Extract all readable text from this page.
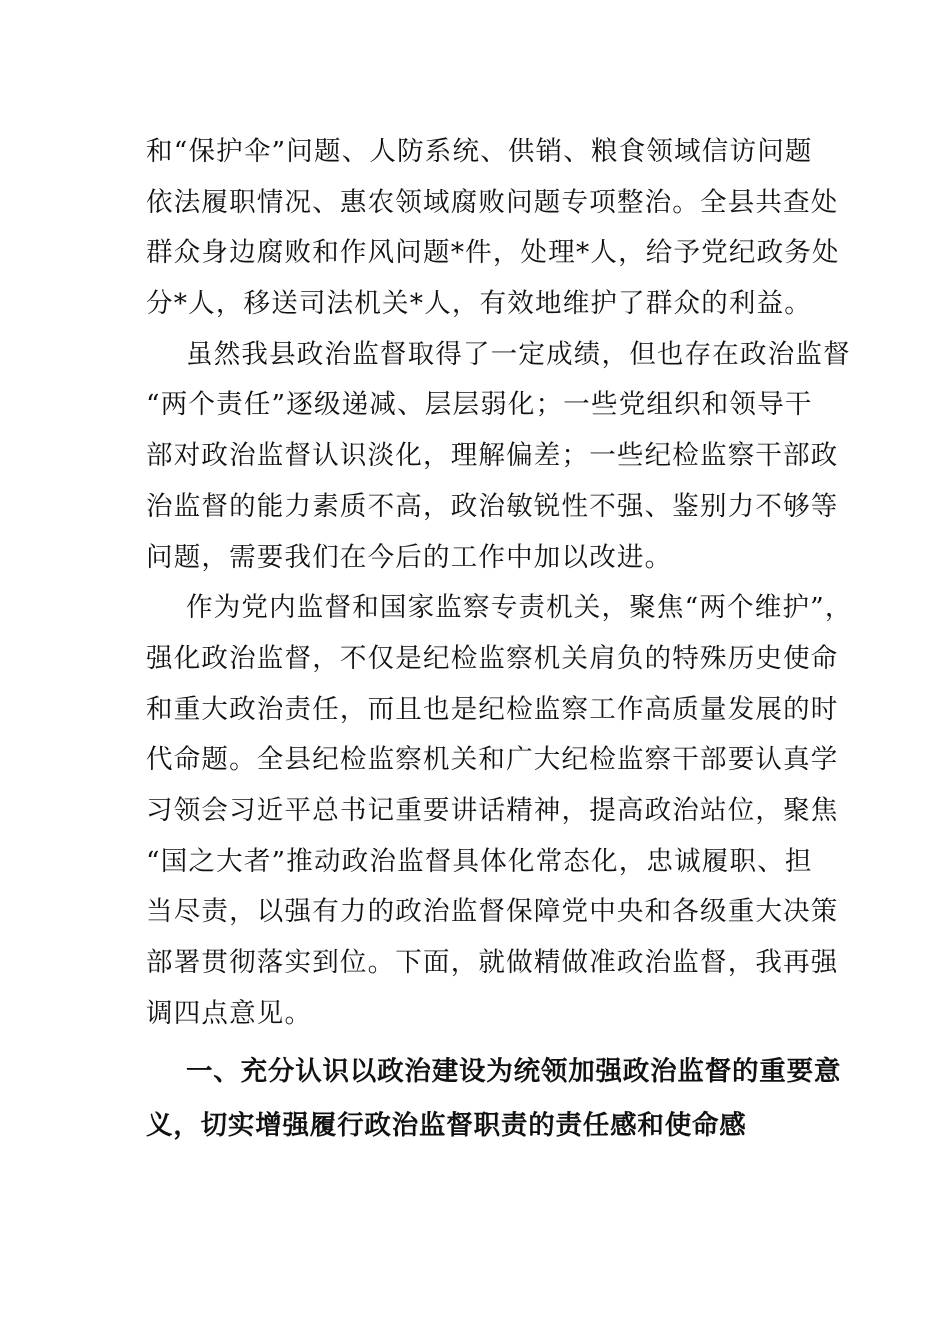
和“保护伞”问题、人防系统、供销、粮食领域信访问题
依法履职情况、惠农领域腐败问题专项整治。全县共查处
群众身边腐败和作风问题*件，处理*人，给予党纪政务处
分*人，移送司法机关*人，有效地维护了群众的利益。
虽然我县政治监督取得了一定成绩，但也存在政治监督
“两个责任”逐级递减、层层弱化；一些党组织和领导干
部对政治监督认识淡化，理解偏差；一些纪检监察干部政
治监督的能力素质不高，政治敏锐性不强、鉴别力不够等
问题，需要我们在今后的工作中加以改进。
作为党内监督和国家监察专责机关，聚焦“两个维护”，
强化政治监督，不仅是纪检监察机关肩负的特殊历史使命
和重大政治责任，而且也是纪检监察工作高质量发展的时
代命题。全县纪检监察机关和广大纪检监察干部要认真学
习领会习近平总书记重要讲话精神，提高政治站位，聚焦
“国之大者”推动政治监督具体化常态化，忠诚履职、担
当尽责，以强有力的政治监督保障党中央和各级重大决策
部署贯彻落实到位。下面，就做精做准政治监督，我再强
调四点意见。
一、充分认识以政治建设为统领加强政治监督的重要意
义，切实增强履行政治监督职责的责任感和使命感
